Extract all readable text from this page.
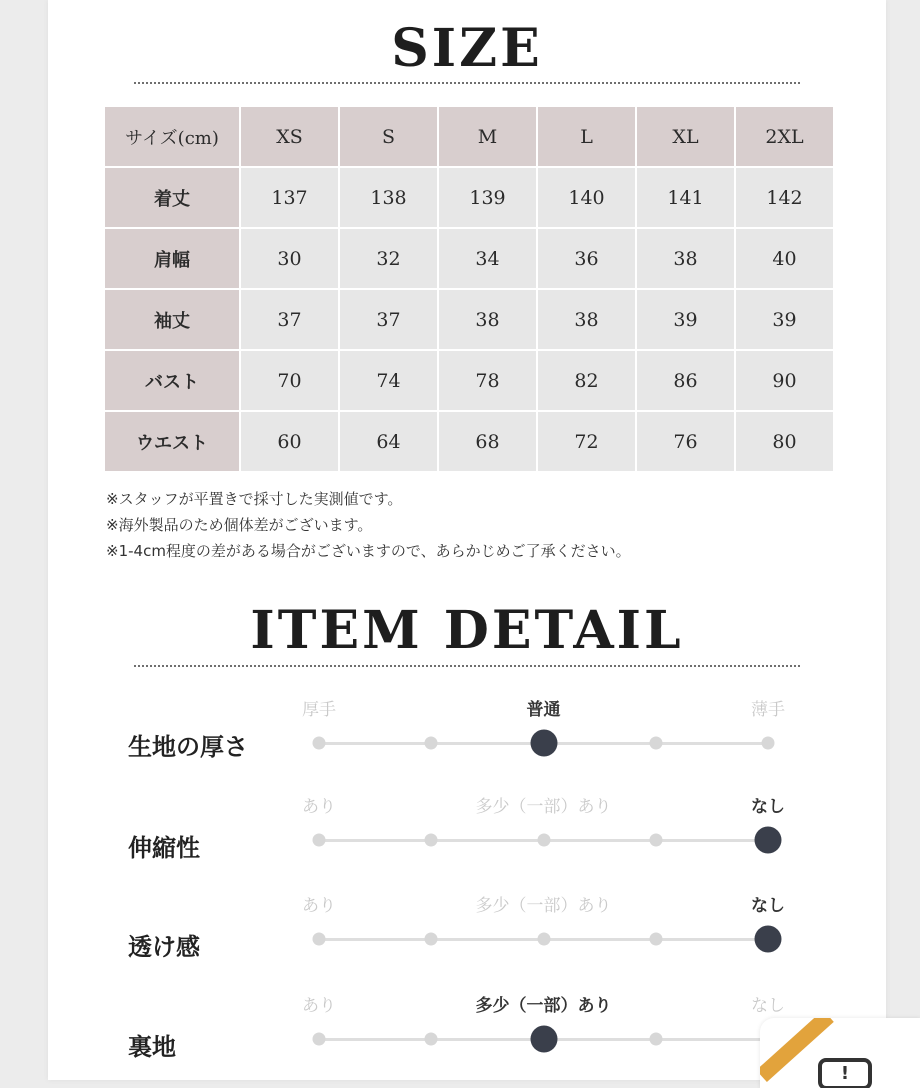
SIZE
サイズ(cm)	XS	S	M	L	XL	2XL
着丈	137	138	139	140	141	142
肩幅	30	32	34	36	38	40
袖丈	37	37	38	38	39	39
バスト	70	74	78	82	86	90
ウエスト	60	64	68	72	76	80
※スタッフが平置きで採寸した実測値です。
※海外製品のため個体差がございます。
※1-4cm程度の差がある場合がございますので、あらかじめご了承ください。
ITEM DETAIL
生地の厚さ
厚手	普通	薄手
伸縮性
あり	多少（一部）あり	なし
透け感
あり	多少（一部）あり	なし
裏地
あり	多少（一部）あり	なし
!
